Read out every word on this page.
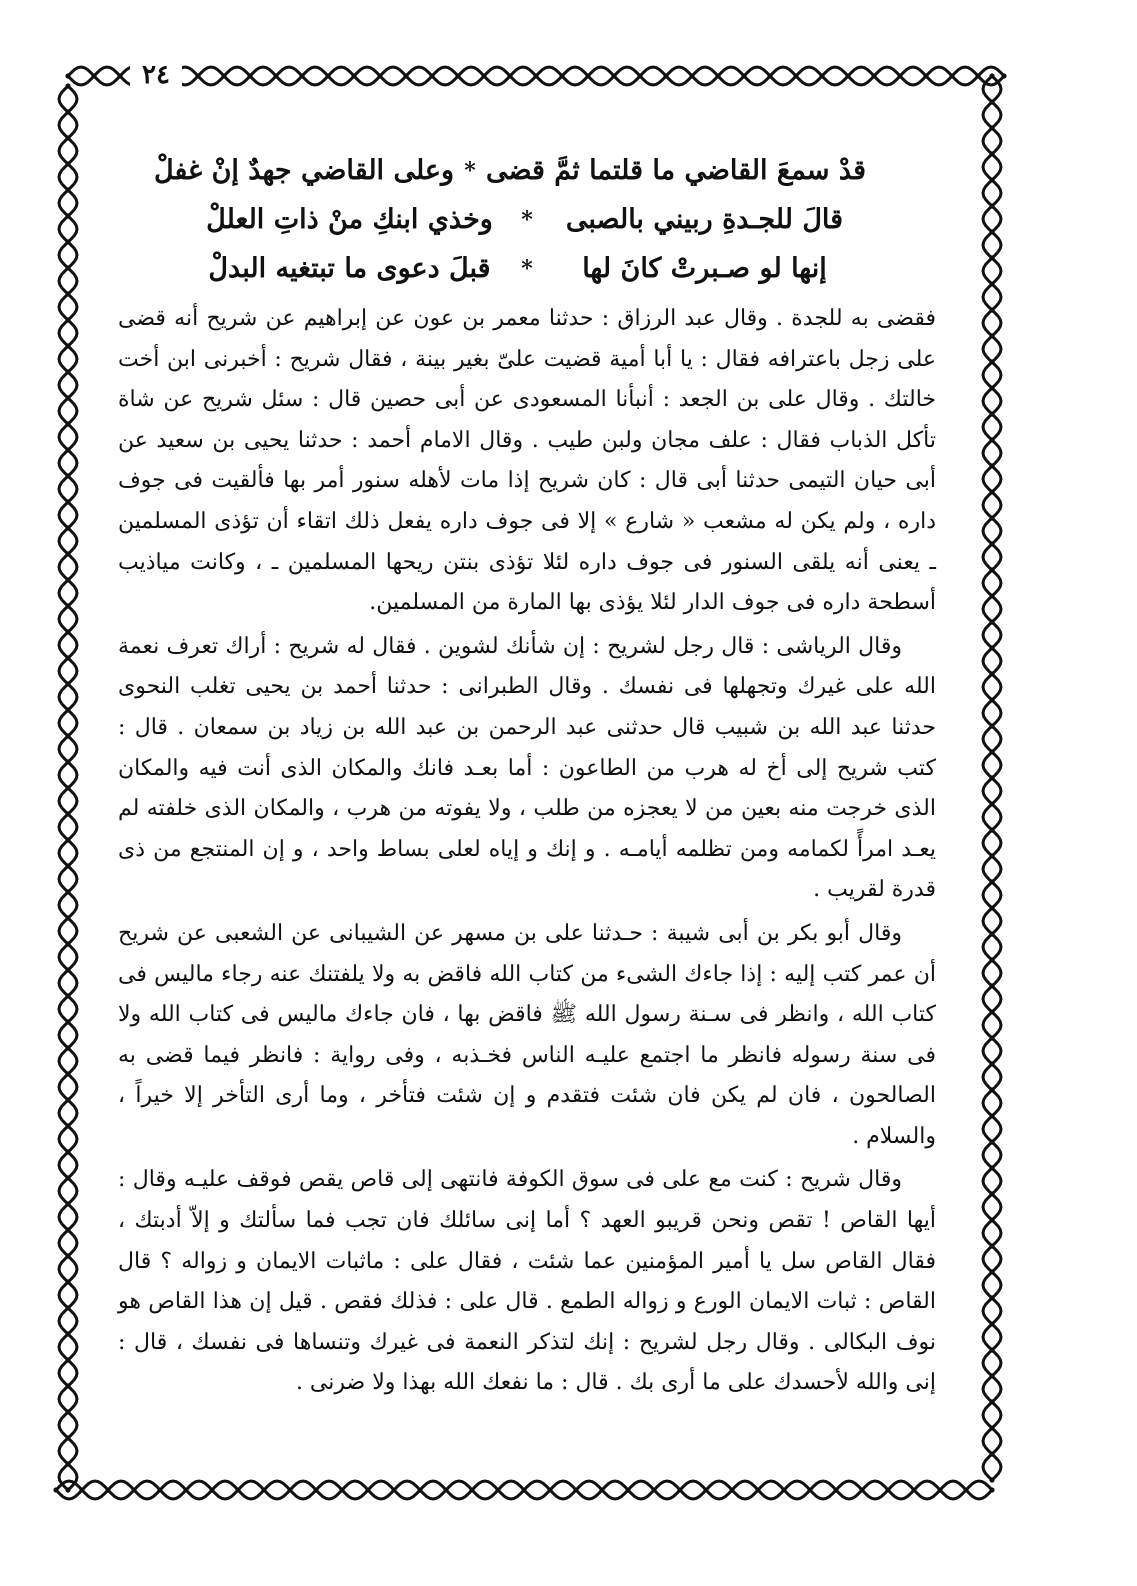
٢٤
قدْ سمعَ القاضي ما قلتما ثمَّ قضى
*
وعلى القاضي جهدٌ إنْ غفلْ
قالَ للجـدةِ ربيني بالصبى
*
وخذي ابنكِ منْ ذاتِ العللْ
إنها لو صـبرتْ كانَ لها
*
قبلَ دعوى ما تبتغيه البدلْ

فقضى به للجدة . وقال عبد الرزاق : حدثنا معمر بن عون عن إبراهيم عن شريح أنه قضى على زجل باعترافه فقال : يا أبا أمية قضيت علىّ بغير بينة ، فقال شريح : أخبرنى ابن أخت خالتك . وقال على بن الجعد : أنبأنا المسعودى عن أبى حصين قال : سئل شريح عن شاة تأكل الذباب فقال : علف مجان ولبن طيب . وقال الامام أحمد : حدثنا يحيى بن سعيد عن أبى حيان التيمى حدثنا أبى قال : كان شريح إذا مات لأهله سنور أمر بها فألقيت فى جوف داره ، ولم يكن له مشعب « شارع » إلا فى جوف داره يفعل ذلك اتقاء أن تؤذى المسلمين ـ يعنى أنه يلقى السنور فى جوف داره لئلا تؤذى بنتن ريحها المسلمين ـ ، وكانت مياذيب أسطحة داره فى جوف الدار لئلا يؤذى بها المارة من المسلمين.

وقال الرياشى : قال رجل لشريح : إن شأنك لشوين . فقال له شريح : أراك تعرف نعمة الله على غيرك وتجهلها فى نفسك . وقال الطبرانى : حدثنا أحمد بن يحيى تغلب النحوى حدثنا عبد الله بن شبيب قال حدثنى عبد الرحمن بن عبد الله بن زياد بن سمعان . قال : كتب شريح إلى أخ له هرب من الطاعون : أما بعـد فانك والمكان الذى أنت فيه والمكان الذى خرجت منه بعين من لا يعجزه من طلب ، ولا يفوته من هرب ، والمكان الذى خلفته لم يعـد امرأً لكمامه ومن تظلمه أيامـه . و إنك و إياه لعلى بساط واحد ، و إن المنتجع من ذى قدرة لقريب .

وقال أبو بكر بن أبى شيبة : حـدثنا على بن مسهر عن الشيبانى عن الشعبى عن شريح أن عمر كتب إليه : إذا جاءك الشىء من كتاب الله فاقض به ولا يلفتنك عنه رجاء ماليس فى كتاب الله ، وانظر فى سـنة رسول الله ﷺ فاقض بها ، فان جاءك ماليس فى كتاب الله ولا فى سنة رسوله فانظر ما اجتمع عليـه الناس فخـذبه ، وفى رواية : فانظر فيما قضى به الصالحون ، فان لم يكن فان شئت فتقدم و إن شئت فتأخر ، وما أرى التأخر إلا خيراً ، والسلام .

وقال شريح : كنت مع على فى سوق الكوفة فانتهى إلى قاص يقص فوقف عليـه وقال : أيها القاص ! تقص ونحن قريبو العهد ؟ أما إنى سائلك فان تجب فما سألتك و إلاّ أدبتك ، فقال القاص سل يا أمير المؤمنين عما شئت ، فقال على : ماثبات الايمان و زواله ؟ قال القاص : ثبات الايمان الورع و زواله الطمع . قال على : فذلك فقص . قيل إن هذا القاص هو نوف البكالى . وقال رجل لشريح : إنك لتذكر النعمة فى غيرك وتنساها فى نفسك ، قال : إنى والله لأحسدك على ما أرى بك . قال : ما نفعك الله بهذا ولا ضرنى .
